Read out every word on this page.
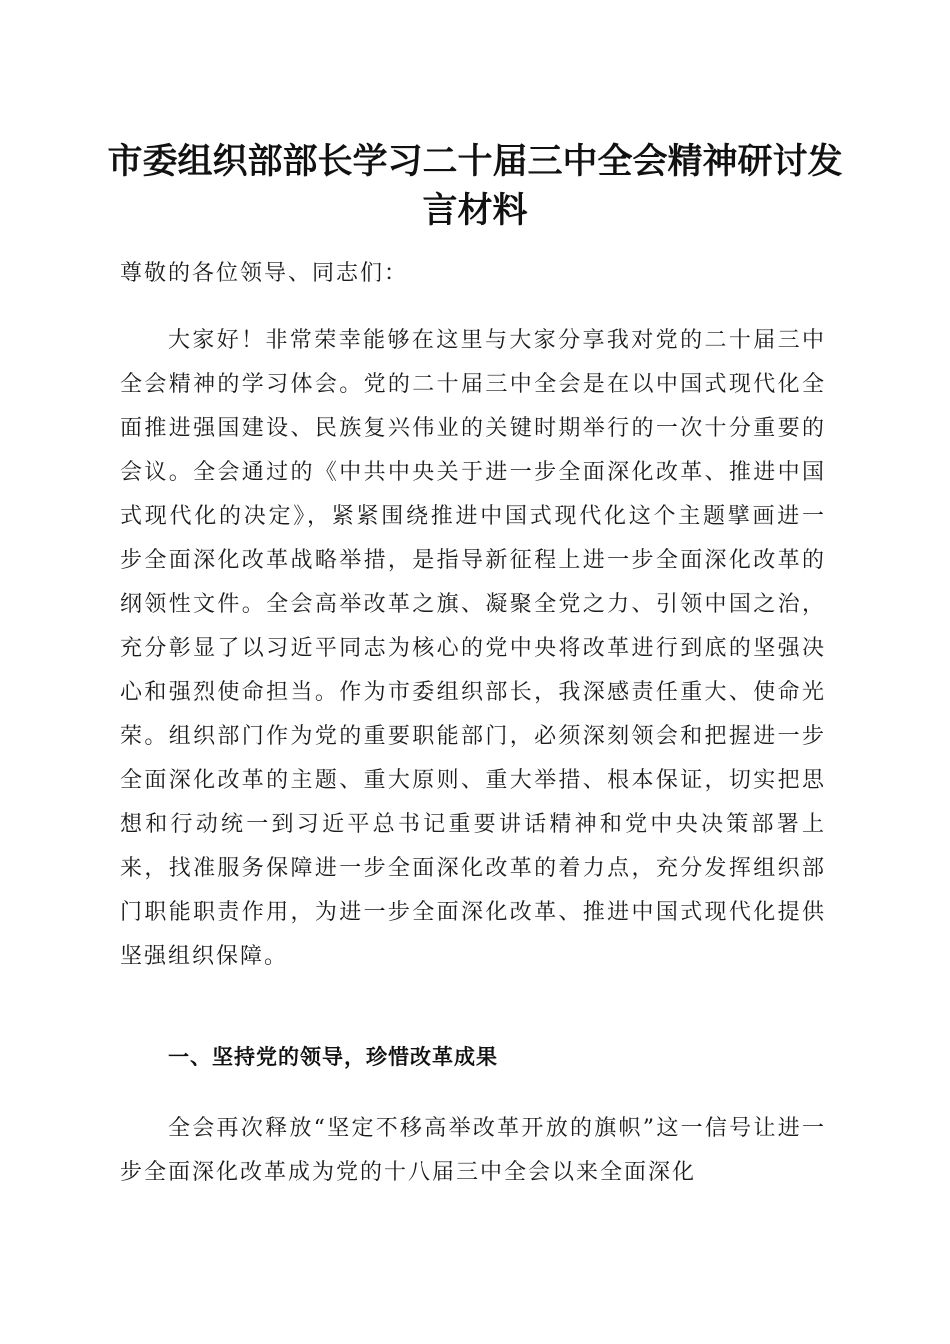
市委组织部部长学习二十届三中全会精神研讨发言材料

尊敬的各位领导、同志们：

大家好！非常荣幸能够在这里与大家分享我对党的二十届三中全会精神的学习体会。党的二十届三中全会是在以中国式现代化全面推进强国建设、民族复兴伟业的关键时期举行的一次十分重要的会议。全会通过的《中共中央关于进一步全面深化改革、推进中国式现代化的决定》，紧紧围绕推进中国式现代化这个主题擘画进一步全面深化改革战略举措，是指导新征程上进一步全面深化改革的纲领性文件。全会高举改革之旗、凝聚全党之力、引领中国之治，充分彰显了以习近平同志为核心的党中央将改革进行到底的坚强决心和强烈使命担当。作为市委组织部长，我深感责任重大、使命光荣。组织部门作为党的重要职能部门，必须深刻领会和把握进一步全面深化改革的主题、重大原则、重大举措、根本保证，切实把思想和行动统一到习近平总书记重要讲话精神和党中央决策部署上来，找准服务保障进一步全面深化改革的着力点，充分发挥组织部门职能职责作用，为进一步全面深化改革、推进中国式现代化提供坚强组织保障。

一、坚持党的领导，珍惜改革成果

全会再次释放“坚定不移高举改革开放的旗帜”这一信号让进一步全面深化改革成为党的十八届三中全会以来全面深化
